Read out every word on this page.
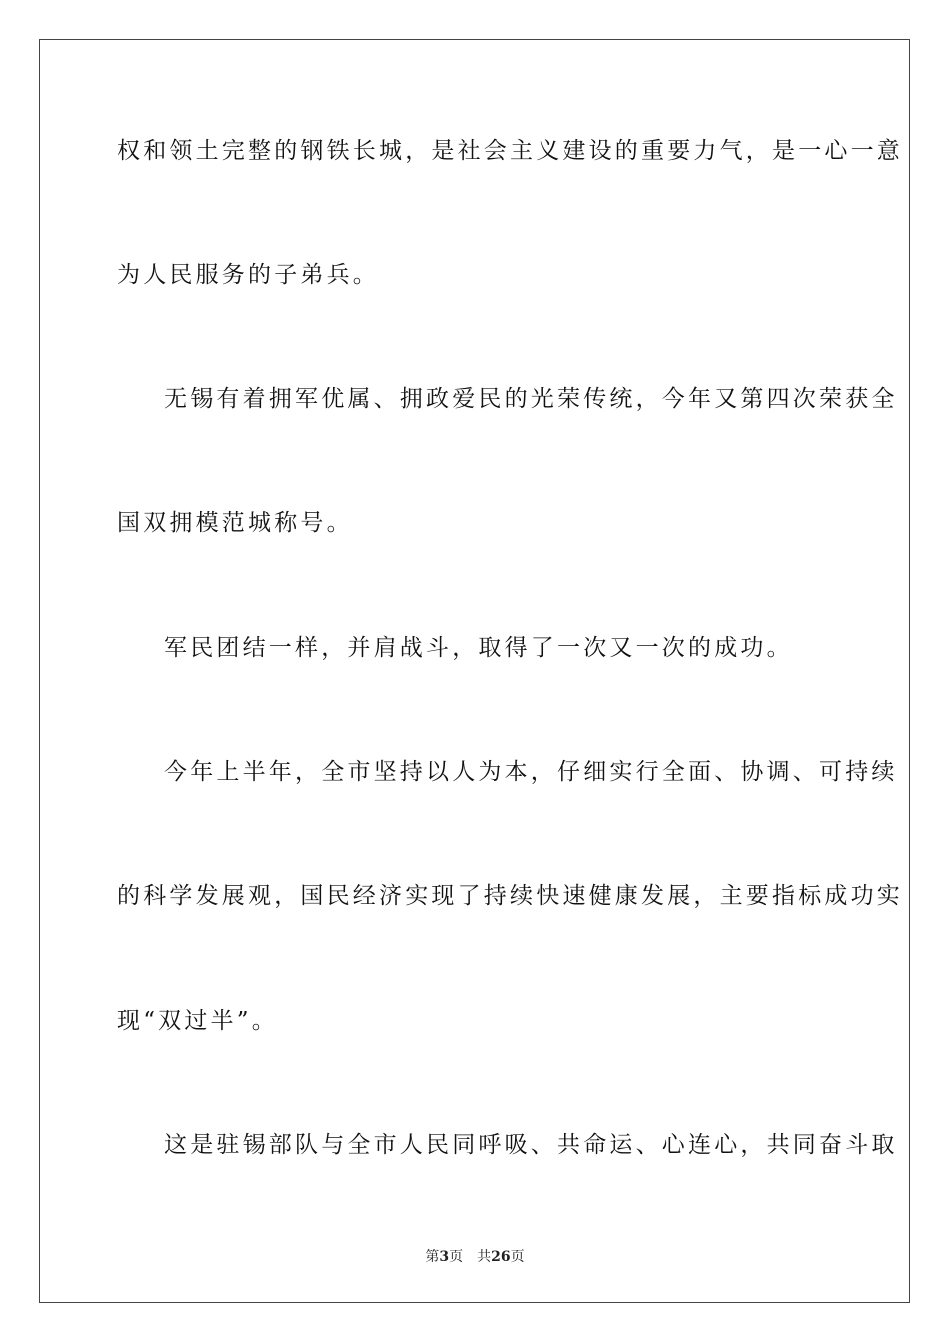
权和领土完整的钢铁长城，是社会主义建设的重要力气，是一心一意
为人民服务的子弟兵。
无锡有着拥军优属、拥政爱民的光荣传统，今年又第四次荣获全
国双拥模范城称号。
军民团结一样，并肩战斗，取得了一次又一次的成功。
今年上半年，全市坚持以人为本，仔细实行全面、协调、可持续
的科学发展观，国民经济实现了持续快速健康发展，主要指标成功实
现“双过半”。
这是驻锡部队与全市人民同呼吸、共命运、心连心，共同奋斗取
第3页 共26页
